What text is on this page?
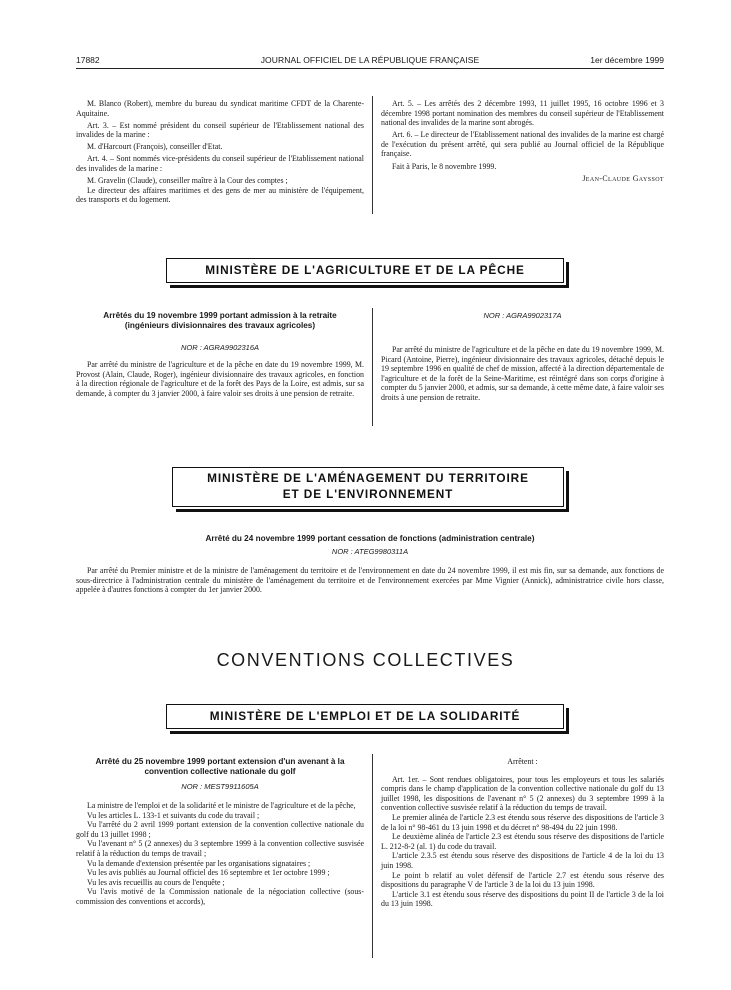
17882	JOURNAL OFFICIEL DE LA RÉPUBLIQUE FRANÇAISE	1er décembre 1999

M. Blanco (Robert), membre du bureau du syndicat maritime CFDT de la Charente-Aquitaine.

Art. 3. – Est nommé président du conseil supérieur de l'Etablissement national des invalides de la marine :

M. d'Harcourt (François), conseiller d'Etat.

Art. 4. – Sont nommés vice-présidents du conseil supérieur de l'Etablissement national des invalides de la marine :

M. Gravelin (Claude), conseiller maître à la Cour des comptes ;

Le directeur des affaires maritimes et des gens de mer au ministère de l'équipement, des transports et du logement.

Art. 5. – Les arrêtés des 2 décembre 1993, 11 juillet 1995, 16 octobre 1996 et 3 décembre 1998 portant nomination des membres du conseil supérieur de l'Etablissement national des invalides de la marine sont abrogés.

Art. 6. – Le directeur de l'Etablissement national des invalides de la marine est chargé de l'exécution du présent arrêté, qui sera publié au Journal officiel de la République française.

Fait à Paris, le 8 novembre 1999.

Jean-Claude Gayssot

MINISTÈRE DE L'AGRICULTURE ET DE LA PÊCHE
Arrêtés du 19 novembre 1999 portant admission à la retraite (ingénieurs divisionnaires des travaux agricoles)
NOR : AGRA9902316A

Par arrêté du ministre de l'agriculture et de la pêche en date du 19 novembre 1999, M. Provost (Alain, Claude, Roger), ingénieur divisionnaire des travaux agricoles, en fonction à la direction régionale de l'agriculture et de la forêt des Pays de la Loire, est admis, sur sa demande, à compter du 3 janvier 2000, à faire valoir ses droits à une pension de retraite.

NOR : AGRA9902317A

Par arrêté du ministre de l'agriculture et de la pêche en date du 19 novembre 1999, M. Picard (Antoine, Pierre), ingénieur divisionnaire des travaux agricoles, détaché depuis le 19 septembre 1996 en qualité de chef de mission, affecté à la direction départementale de l'agriculture et de la forêt de la Seine-Maritime, est réintégré dans son corps d'origine à compter du 5 janvier 2000, et admis, sur sa demande, à cette même date, à faire valoir ses droits à une pension de retraite.

MINISTÈRE DE L'AMÉNAGEMENT DU TERRITOIRE
ET DE L'ENVIRONNEMENT
Arrêté du 24 novembre 1999 portant cessation de fonctions (administration centrale)
NOR : ATEG9980311A

Par arrêté du Premier ministre et de la ministre de l'aménagement du territoire et de l'environnement en date du 24 novembre 1999, il est mis fin, sur sa demande, aux fonctions de sous-directrice à l'administration centrale du ministère de l'aménagement du territoire et de l'environnement exercées par Mme Vignier (Annick), administratrice civile hors classe, appelée à d'autres fonctions à compter du 1er janvier 2000.

CONVENTIONS COLLECTIVES
MINISTÈRE DE L'EMPLOI ET DE LA SOLIDARITÉ
Arrêté du 25 novembre 1999 portant extension d'un avenant à la convention collective nationale du golf
NOR : MEST9911605A

La ministre de l'emploi et de la solidarité et le ministre de l'agriculture et de la pêche,

Vu les articles L. 133-1 et suivants du code du travail ;

Vu l'arrêté du 2 avril 1999 portant extension de la convention collective nationale du golf du 13 juillet 1998 ;

Vu l'avenant n° 5 (2 annexes) du 3 septembre 1999 à la convention collective susvisée relatif à la réduction du temps de travail ;

Vu la demande d'extension présentée par les organisations signataires ;

Vu les avis publiés au Journal officiel des 16 septembre et 1er octobre 1999 ;

Vu les avis recueillis au cours de l'enquête ;

Vu l'avis motivé de la Commission nationale de la négociation collective (sous-commission des conventions et accords),

Arrêtent :

Art. 1er. – Sont rendues obligatoires, pour tous les employeurs et tous les salariés compris dans le champ d'application de la convention collective nationale du golf du 13 juillet 1998, les dispositions de l'avenant n° 5 (2 annexes) du 3 septembre 1999 à la convention collective susvisée relatif à la réduction du temps de travail.

Le premier alinéa de l'article 2.3 est étendu sous réserve des dispositions de l'article 3 de la loi n° 98-461 du 13 juin 1998 et du décret n° 98-494 du 22 juin 1998.

Le deuxième alinéa de l'article 2.3 est étendu sous réserve des dispositions de l'article L. 212-8-2 (al. 1) du code du travail.

L'article 2.3.5 est étendu sous réserve des dispositions de l'article 4 de la loi du 13 juin 1998.

Le point b relatif au volet défensif de l'article 2.7 est étendu sous réserve des dispositions du paragraphe V de l'article 3 de la loi du 13 juin 1998.

L'article 3.1 est étendu sous réserve des dispositions du point II de l'article 3 de la loi du 13 juin 1998.
